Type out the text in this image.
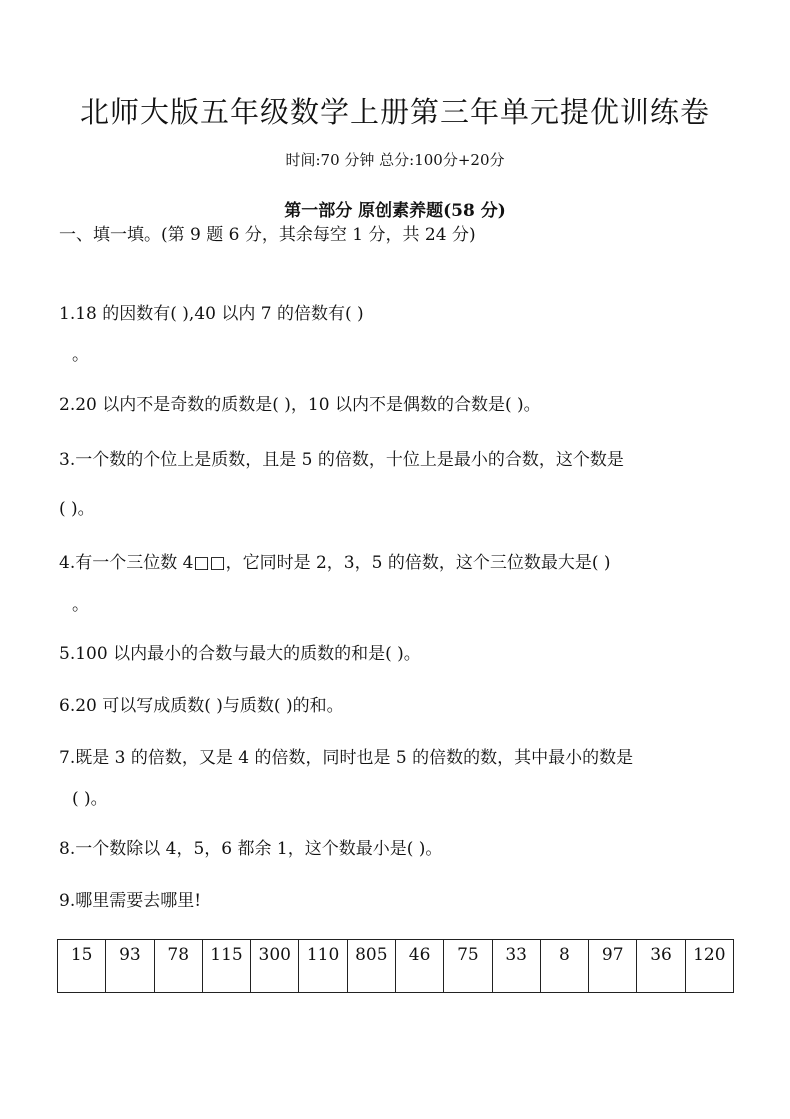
北师大版五年级数学上册第三年单元提优训练卷
时间:70 分钟 总分:100分+20分
第一部分 原创素养题(58 分)
一、填一填。(第 9 题 6 分，其余每空 1 分，共 24 分)
1.18 的因数有( ),40 以内 7 的倍数有( )
。
2.20 以内不是奇数的质数是( )，10 以内不是偶数的合数是( )。
3.一个数的个位上是质数，且是 5 的倍数，十位上是最小的合数，这个数是
( )。
4.有一个三位数 4□□，它同时是 2，3，5 的倍数，这个三位数最大是( )
。
5.100 以内最小的合数与最大的质数的和是( )。
6.20 可以写成质数( )与质数( )的和。
7.既是 3 的倍数，又是 4 的倍数，同时也是 5 的倍数的数，其中最小的数是
( )。
8.一个数除以 4，5，6 都余 1，这个数最小是( )。
9.哪里需要去哪里!
15	93	78	115	300	110	805	46	75	33	8	97	36	120
